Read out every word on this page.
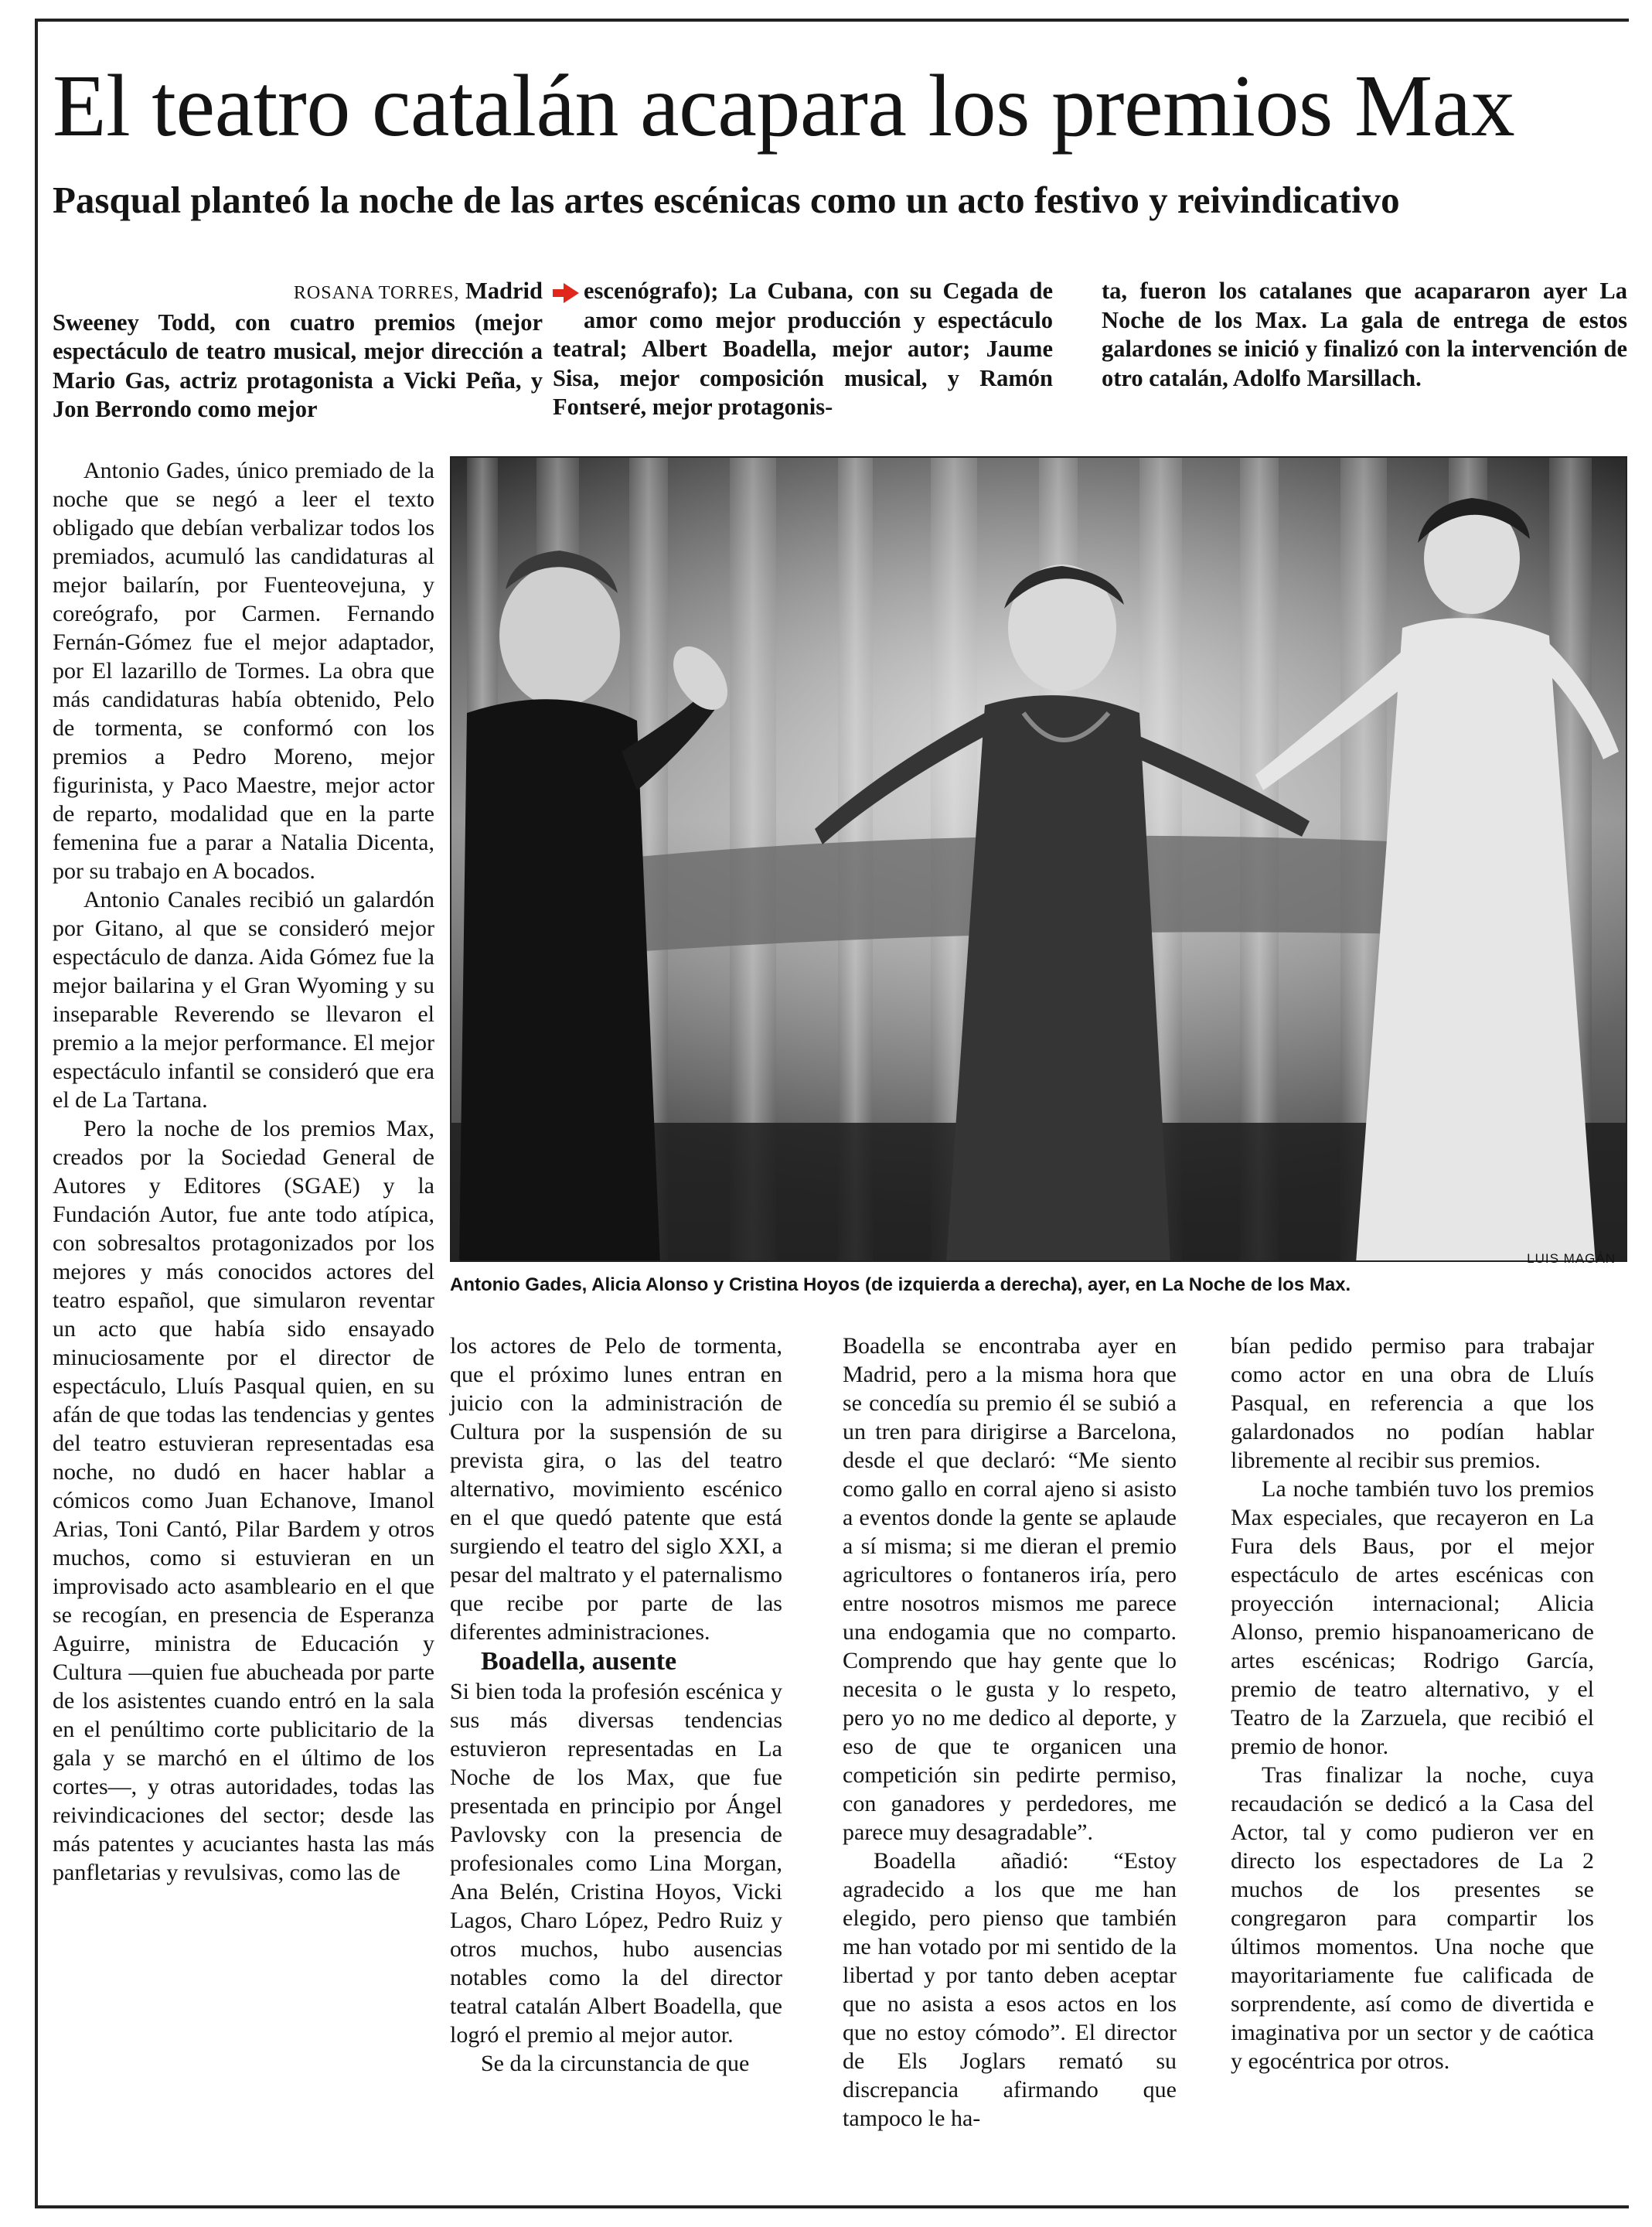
El teatro catalán acapara los premios Max
Pasqual planteó la noche de las artes escénicas como un acto festivo y reivindicativo
ROSANA TORRES, Madrid
Sweeney Todd, con cuatro premios (mejor espectáculo de teatro musical, mejor dirección a Mario Gas, actriz protagonista a Vicki Peña, y Jon Berrondo como mejor
escenógrafo); La Cubana, con su Cegada de amor como mejor producción y espectáculo teatral; Albert Boadella, mejor autor; Jaume Sisa, mejor composición musical, y Ramón Fontseré, mejor protagonis-
ta, fueron los catalanes que acapararon ayer La Noche de los Max. La gala de entrega de estos galardones se inició y finalizó con la intervención de otro catalán, Adolfo Marsillach.
LUIS MAGÁN
Antonio Gades, Alicia Alonso y Cristina Hoyos (de izquierda a derecha), ayer, en La Noche de los Max.

Antonio Gades, único premiado de la noche que se negó a leer el texto obligado que debían verbalizar todos los premiados, acumuló las candidaturas al mejor bailarín, por Fuenteovejuna, y coreógrafo, por Carmen. Fernando Fernán-Gómez fue el mejor adaptador, por El lazarillo de Tormes. La obra que más candidaturas había obtenido, Pelo de tormenta, se conformó con los premios a Pedro Moreno, mejor figurinista, y Paco Maestre, mejor actor de reparto, modalidad que en la parte femenina fue a parar a Natalia Dicenta, por su trabajo en A bocados.

Antonio Canales recibió un galardón por Gitano, al que se consideró mejor espectáculo de danza. Aida Gómez fue la mejor bailarina y el Gran Wyoming y su inseparable Reverendo se llevaron el premio a la mejor performance. El mejor espectáculo infantil se consideró que era el de La Tartana.

Pero la noche de los premios Max, creados por la Sociedad General de Autores y Editores (SGAE) y la Fundación Autor, fue ante todo atípica, con sobresaltos protagonizados por los mejores y más conocidos actores del teatro español, que simularon reventar un acto que había sido ensayado minuciosamente por el director de espectáculo, Lluís Pasqual quien, en su afán de que todas las tendencias y gentes del teatro estuvieran representadas esa noche, no dudó en hacer hablar a cómicos como Juan Echanove, Imanol Arias, Toni Cantó, Pilar Bardem y otros muchos, como si estuvieran en un improvisado acto asambleario en el que se recogían, en presencia de Esperanza Aguirre, ministra de Educación y Cultura —quien fue abucheada por parte de los asistentes cuando entró en la sala en el penúltimo corte publicitario de la gala y se marchó en el último de los cortes—, y otras autoridades, todas las reivindicaciones del sector; desde las más patentes y acuciantes hasta las más panfletarias y revulsivas, como las de

los actores de Pelo de tormenta, que el próximo lunes entran en juicio con la administración de Cultura por la suspensión de su prevista gira, o las del teatro alternativo, movimiento escénico en el que quedó patente que está surgiendo el teatro del siglo XXI, a pesar del maltrato y el paternalismo que recibe por parte de las diferentes administraciones.

Boadella, ausente

Si bien toda la profesión escénica y sus más diversas tendencias estuvieron representadas en La Noche de los Max, que fue presentada en principio por Ángel Pavlovsky con la presencia de profesionales como Lina Morgan, Ana Belén, Cristina Hoyos, Vicki Lagos, Charo López, Pedro Ruiz y otros muchos, hubo ausencias notables como la del director teatral catalán Albert Boadella, que logró el premio al mejor autor.

Se da la circunstancia de que

Boadella se encontraba ayer en Madrid, pero a la misma hora que se concedía su premio él se subió a un tren para dirigirse a Barcelona, desde el que declaró: “Me siento como gallo en corral ajeno si asisto a eventos donde la gente se aplaude a sí misma; si me dieran el premio agricultores o fontaneros iría, pero entre nosotros mismos me parece una endogamia que no comparto. Comprendo que hay gente que lo necesita o le gusta y lo respeto, pero yo no me dedico al deporte, y eso de que te organicen una competición sin pedirte permiso, con ganadores y perdedores, me parece muy desagradable”.

Boadella añadió: “Estoy agradecido a los que me han elegido, pero pienso que también me han votado por mi sentido de la libertad y por tanto deben aceptar que no asista a esos actos en los que no estoy cómodo”. El director de Els Joglars remató su discrepancia afirmando que tampoco le ha-

bían pedido permiso para trabajar como actor en una obra de Lluís Pasqual, en referencia a que los galardonados no podían hablar libremente al recibir sus premios.

La noche también tuvo los premios Max especiales, que recayeron en La Fura dels Baus, por el mejor espectáculo de artes escénicas con proyección internacional; Alicia Alonso, premio hispanoamericano de artes escénicas; Rodrigo García, premio de teatro alternativo, y el Teatro de la Zarzuela, que recibió el premio de honor.

Tras finalizar la noche, cuya recaudación se dedicó a la Casa del Actor, tal y como pudieron ver en directo los espectadores de La 2 muchos de los presentes se congregaron para compartir los últimos momentos. Una noche que mayoritariamente fue calificada de sorprendente, así como de divertida e imaginativa por un sector y de caótica y egocéntrica por otros.
